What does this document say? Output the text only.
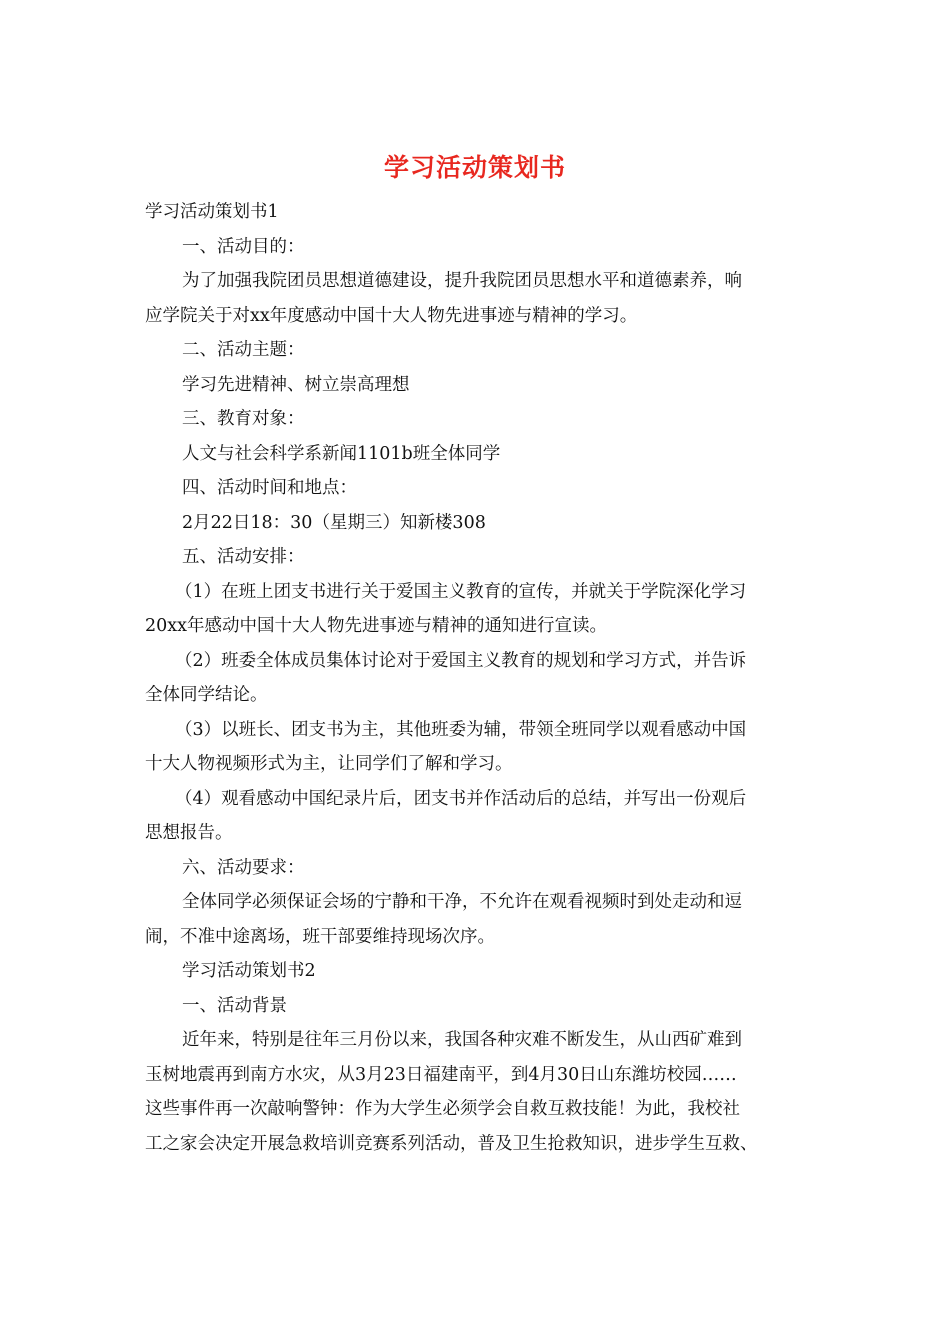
学习活动策划书
学习活动策划书1
一、活动目的：
为了加强我院团员思想道德建设，提升我院团员思想水平和道德素养，响
应学院关于对xx年度感动中国十大人物先进事迹与精神的学习。
二、活动主题：
学习先进精神、树立崇高理想
三、教育对象：
人文与社会科学系新闻1101b班全体同学
四、活动时间和地点：
2月22日18：30（星期三）知新楼308
五、活动安排：
（1）在班上团支书进行关于爱国主义教育的宣传，并就关于学院深化学习
20xx年感动中国十大人物先进事迹与精神的通知进行宣读。
（2）班委全体成员集体讨论对于爱国主义教育的规划和学习方式，并告诉
全体同学结论。
（3）以班长、团支书为主，其他班委为辅，带领全班同学以观看感动中国
十大人物视频形式为主，让同学们了解和学习。
（4）观看感动中国纪录片后，团支书并作活动后的总结，并写出一份观后
思想报告。
六、活动要求：
全体同学必须保证会场的宁静和干净，不允许在观看视频时到处走动和逗
闹，不准中途离场，班干部要维持现场次序。
学习活动策划书2
一、活动背景
近年来，特别是往年三月份以来，我国各种灾难不断发生，从山西矿难到
玉树地震再到南方水灾，从3月23日福建南平，到4月30日山东潍坊校园……
这些事件再一次敲响警钟：作为大学生必须学会自救互救技能！为此，我校社
工之家会决定开展急救培训竞赛系列活动，普及卫生抢救知识，进步学生互救、
